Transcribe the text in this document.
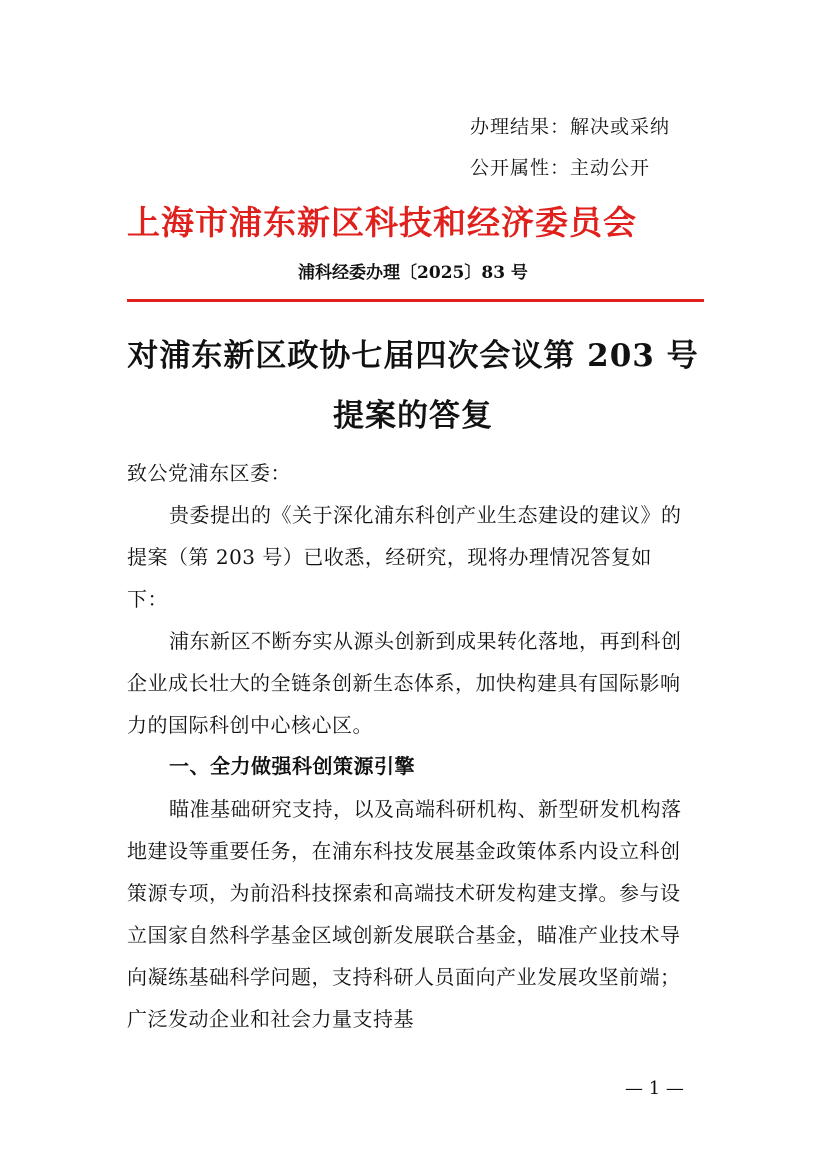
办理结果：解决或采纳
公开属性：主动公开
上海市浦东新区科技和经济委员会
浦科经委办理〔2025〕83 号
对浦东新区政协七届四次会议第 203 号
提案的答复

致公党浦东区委：

贵委提出的《关于深化浦东科创产业生态建设的建议》的提案（第 203 号）已收悉，经研究，现将办理情况答复如下：

浦东新区不断夯实从源头创新到成果转化落地，再到科创企业成长壮大的全链条创新生态体系，加快构建具有国际影响力的国际科创中心核心区。

一、全力做强科创策源引擎

瞄准基础研究支持，以及高端科研机构、新型研发机构落地建设等重要任务，在浦东科技发展基金政策体系内设立科创策源专项，为前沿科技探索和高端技术研发构建支撑。参与设立国家自然科学基金区域创新发展联合基金，瞄准产业技术导向凝练基础科学问题，支持科研人员面向产业发展攻坚前端；广泛发动企业和社会力量支持基

— 1 —
